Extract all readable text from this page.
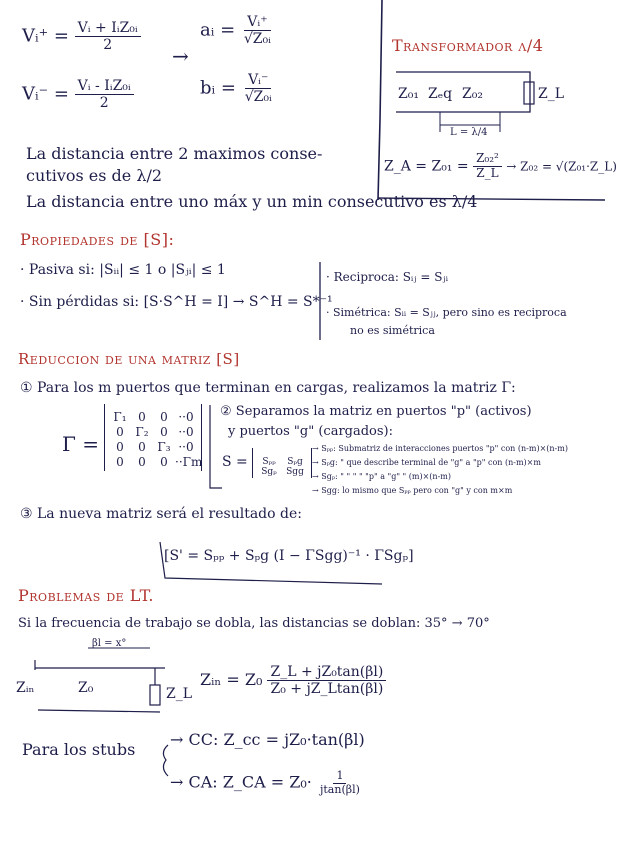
Vᵢ⁺ = $\frac{\text{Vᵢ + IᵢZ₀ᵢ}}{2}$
Vᵢ⁻ = $\frac{\text{Vᵢ - IᵢZ₀ᵢ}}{2}$
→
aᵢ = $\frac{\text{Vᵢ⁺}}{\text{√Z₀ᵢ}}$
bᵢ = $\frac{\text{Vᵢ⁻}}{\text{√Z₀ᵢ}}$
Transformador λ/4
Z₀₁ Zₑq Z₀₂	Z_L
L = λ/4
Z_A = $Z_{01} = \frac{\text{Z₀₂²}}{Z\_L} \to Z_{02}$ = √(Z₀₁·Z_L)
La distancia entre 2 maximos conse-
cutivos es de λ/2
La distancia entre uno máx y un min consecutivo es λ/4
Propiedades de [S]:
· Pasiva si: |Sᵢᵢ| ≤ 1 o |Sⱼᵢ| ≤ 1
· Sin pérdidas si: [S·S^H = I] → S^H = S*⁻¹
· Reciproca: Sᵢⱼ = Sⱼᵢ
· Simétrica: Sᵢᵢ = Sⱼⱼ, pero sino es reciproca
no es simétrica
Reduccion de una matriz [S]
① Para los m puertos que terminan en cargas, realizamos la matriz Γ:
Γ =
Γ₁ 0	0 ··0
0 Γ₂ 0 ··0
0	0 Γ₃ ··0
0	0	0 ··Γm
② Separamos la matriz en puertos "p" (activos)
y puertos "g" (cargados):
S =	Sₚₚ	Sₚg
Sgₚ	Sgg
→ Sₚₚ: Submatriz de interacciones puertos "p" con (n-m)×(n-m)
→ Sₚg: " que describe terminal de "g" a "p" con (n-m)×m
→ Sgₚ: " " " " "p" a "g" " (m)×(n-m)
→ Sgg: lo mismo que Sₚₚ pero con "g" y con m×m
③ La nueva matriz será el resultado de:
[S' = Sₚₚ + Sₚg (I − ΓSgg)⁻¹ · ΓSgₚ]
Problemas de LT.
Si la frecuencia de trabajo se dobla, las distancias se doblan: 35° → 70°
βl = x°
Zᵢₙ	Z₀	Z_L
Zᵢₙ = $Z_0 \frac{\text{Z\_L + jZ₀tan(βl)}}{\text{Z₀ + jZ\_Ltan(βl)}}$
Para los stubs
→ CC: Z_cc = jZ₀·tan(βl)
→ CA: Z_CA = $Z_0\cdot \frac{1}{jtan(\beta l)}$
